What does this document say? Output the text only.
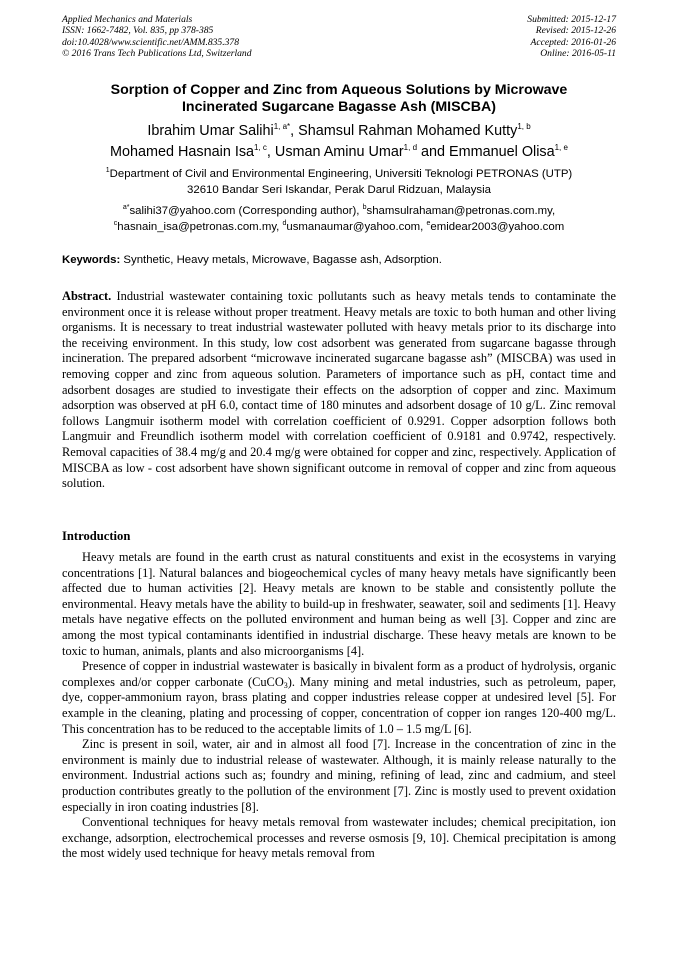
Applied Mechanics and Materials
ISSN: 1662-7482, Vol. 835, pp 378-385
doi:10.4028/www.scientific.net/AMM.835.378
© 2016 Trans Tech Publications Ltd, Switzerland
Submitted: 2015-12-17
Revised: 2015-12-26
Accepted: 2016-01-26
Online: 2016-05-11
Sorption of Copper and Zinc from Aqueous Solutions by Microwave
Incinerated Sugarcane Bagasse Ash (MISCBA)
Ibrahim Umar Salihi$^{1, a*}$, Shamsul Rahman Mohamed Kutty$^{1, b}$
Mohamed Hasnain Isa$^{1, c}$, Usman Aminu Umar$^{1, d}$ and Emmanuel Olisa$^{1, e}$
$^1$Department of Civil and Environmental Engineering, Universiti Teknologi PETRONAS (UTP)
32610 Bandar Seri Iskandar, Perak Darul Ridzuan, Malaysia
$^{a*}$salihi37@yahoo.com (Corresponding author), $^b$shamsulrahaman@petronas.com.my,
$^c$hasnain_isa@petronas.com.my, $^d$usmanaumar@yahoo.com, $^e$emidear2003@yahoo.com
Keywords: Synthetic, Heavy metals, Microwave, Bagasse ash, Adsorption.
Abstract. Industrial wastewater containing toxic pollutants such as heavy metals tends to contaminate the environment once it is release without proper treatment. Heavy metals are toxic to both human and other living organisms. It is necessary to treat industrial wastewater polluted with heavy metals prior to its discharge into the receiving environment. In this study, low cost adsorbent was generated from sugarcane bagasse through incineration. The prepared adsorbent “microwave incinerated sugarcane bagasse ash” (MISCBA) was used in removing copper and zinc from aqueous solution. Parameters of importance such as pH, contact time and adsorbent dosages are studied to investigate their effects on the adsorption of copper and zinc. Maximum adsorption was observed at pH 6.0, contact time of 180 minutes and adsorbent dosage of 10 g/L. Zinc removal follows Langmuir isotherm model with correlation coefficient of 0.9291. Copper adsorption follows both Langmuir and Freundlich isotherm model with correlation coefficient of 0.9181 and 0.9742, respectively. Removal capacities of 38.4 mg/g and 20.4 mg/g were obtained for copper and zinc, respectively. Application of MISCBA as low - cost adsorbent have shown significant outcome in removal of copper and zinc from aqueous solution.
Introduction
Heavy metals are found in the earth crust as natural constituents and exist in the ecosystems in varying concentrations [1]. Natural balances and biogeochemical cycles of many heavy metals have significantly been affected due to human activities [2]. Heavy metals are known to be stable and consistently pollute the environmental. Heavy metals have the ability to build-up in freshwater, seawater, soil and sediments [1]. Heavy metals have negative effects on the polluted environment and human being as well [3]. Copper and zinc are among the most typical contaminants identified in industrial discharge. These heavy metals are known to be toxic to human, animals, plants and also microorganisms [4].
Presence of copper in industrial wastewater is basically in bivalent form as a product of hydrolysis, organic complexes and/or copper carbonate (CuCO$_3$). Many mining and metal industries, such as petroleum, paper, dye, copper-ammonium rayon, brass plating and copper industries release copper at undesired level [5]. For example in the cleaning, plating and processing of copper, concentration of copper ion ranges 120-400 mg/L. This concentration has to be reduced to the acceptable limits of 1.0 – 1.5 mg/L [6].
Zinc is present in soil, water, air and in almost all food [7]. Increase in the concentration of zinc in the environment is mainly due to industrial release of wastewater. Although, it is mainly release naturally to the environment. Industrial actions such as; foundry and mining, refining of lead, zinc and cadmium, and steel production contributes greatly to the pollution of the environment [7]. Zinc is mostly used to prevent oxidation especially in iron coating industries [8].
Conventional techniques for heavy metals removal from wastewater includes; chemical precipitation, ion exchange, adsorption, electrochemical processes and reverse osmosis [9, 10]. Chemical precipitation is among the most widely used technique for heavy metals removal from
